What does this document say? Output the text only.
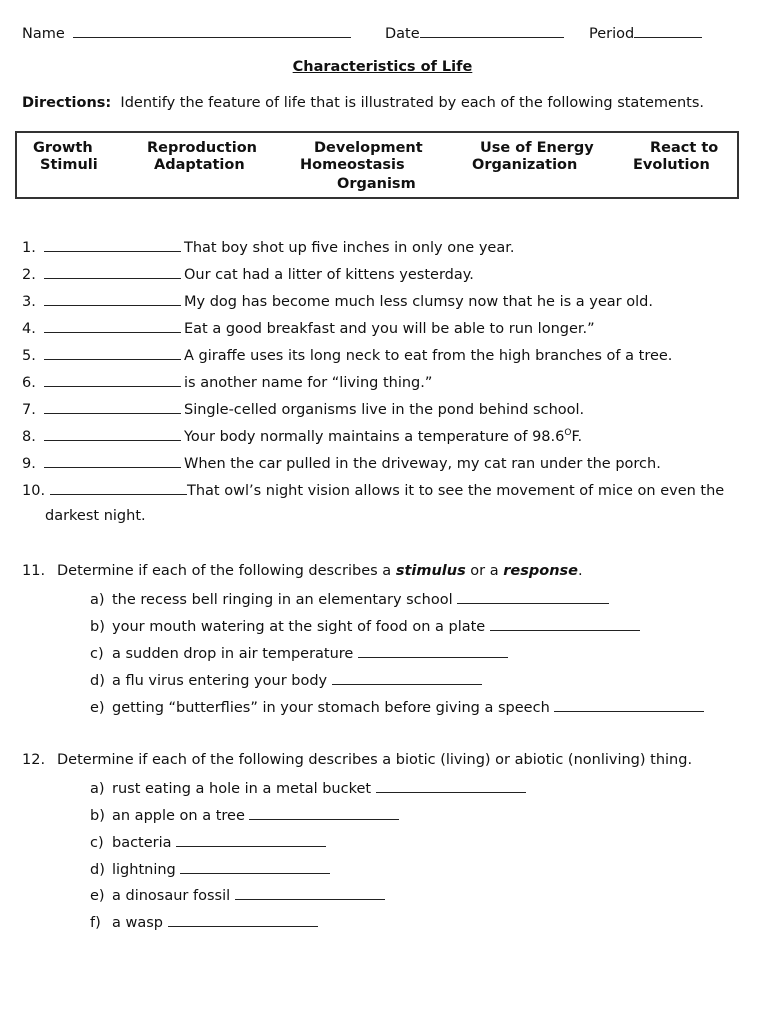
Name	Date	Period
Characteristics of Life
Directions: Identify the feature of life that is illustrated by each of the following statements.
Growth	Reproduction	Development	Use of Energy	React to
Stimuli	Adaptation	Homeostasis	Organization	Evolution
Organism
1.	That boy shot up five inches in only one year.
2.	Our cat had a litter of kittens yesterday.
3.	My dog has become much less clumsy now that he is a year old.
4.	Eat a good breakfast and you will be able to run longer.”
5.	A giraffe uses its long neck to eat from the high branches of a tree.
6.	is another name for “living thing.”
7.	Single-celled organisms live in the pond behind school.
8.	Your body normally maintains a temperature of $98.6^OF$.
9.	When the car pulled in the driveway, my cat ran under the porch.
10.	That owl’s night vision allows it to see the movement of mice on even the
darkest night.
11. Determine if each of the following describes a stimulus or a response.
a) the recess bell ringing in an elementary school
b) your mouth watering at the sight of food on a plate
c) a sudden drop in air temperature
d) a flu virus entering your body
e) getting “butterflies” in your stomach before giving a speech
12. Determine if each of the following describes a biotic (living) or abiotic (nonliving) thing.
a) rust eating a hole in a metal bucket
b) an apple on a tree
c) bacteria
d) lightning
e) a dinosaur fossil
f) a wasp
